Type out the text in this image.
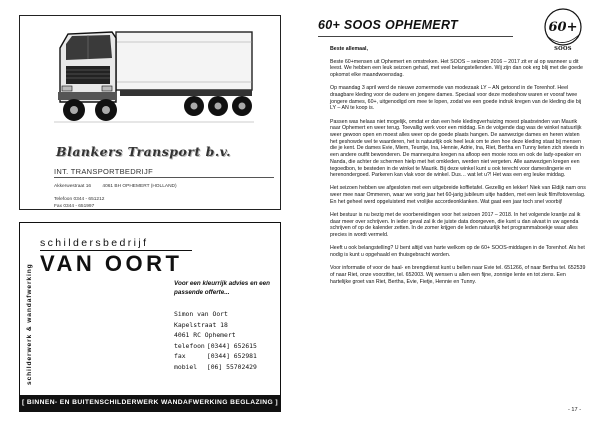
Blankers Transport b.v.
INT. TRANSPORTBEDRIJF
Akkerwestraat 16 4061 BH OPHEMERT (HOLLAND)
Telefoon 0344 - 651212
Fax 0344 - 651997
schilderwerk & wandafwerking
schildersbedrijf
VAN OORT
Voor een kleurrijk advies en een passende offerte...
Simon van Oort
Kapelstraat 18
4061 RC Ophemert
telefoon [0344] 652615
fax	[0344] 652981
mobiel [06] 55702429
[ BINNEN- EN BUITENSCHILDERWERK WANDAFWERKING BEGLAZING ]
60+ SOOS OPHEMERT	60+
SOOS
Beste allemaal,

Beste 60+mensen uit Ophemert en omstreken. Het SOOS – seizoen 2016 – 2017 zit er al op wanneer u dit leest. We hebben een leuk seizoen gehad, met veel belangstellenden. Wij zijn dan ook erg blij met die goede opkomst elke maandwoensdag.

Op maandag 3 april werd de nieuwe zomermode van modezaak LY – AN getoond in de Torenhof. Heel draagbare kleding voor de oudere en jongere dames. Speciaal voor deze modeshow waren er vooraf twee jongere dames, 60+, uitgenodigd om mee te lopen, zodat we een goede indruk kregen van de kleding die bij LY – AN te koop is.

Passen was helaas niet mogelijk, omdat er dan een hele kledingverhuizing moest plaatsvinden van Maurik naar Ophemert en weer terug. Toevallig werk voor een middag. En de volgende dag was de winkel natuurlijk weer gewoon open en moest alles weer op de goede plaats hangen. De aanwezige dames en heren wisten het geshowde wel te waarderen, het is natuurlijk ook heel leuk om te zien hoe deze kleding staat bij mensen die je kent. De dames Evie, Miem, Teuntje, Ina, Hennie, Adrie, Ina, Riet, Bertha en Tunny lieten zich steeds in een andere outfit bewonderen. De mannequins kregen na afloop een mooie roos en ook de lady-speaker en Nanda, die achter de schermen hielp met het omkleden, werden niet vergeten. Alle aanwezigen kregen een tegoedbon, te besteden in de winkel te Maurik. Bij deze winkel kunt u ook terecht voor dameslingerie en herenondergoed. Parkeren kan vlak voor de winkel. Dus… wat let u?! Het was een erg leuke middag.

Het seizoen hebben we afgesloten met een uitgebreide koffietafel. Gezellig en lekker! Niek van Eldijk nam ons weer mee naar Ommeren, waar we vorig jaar het 60-jarig jubileum uitje hadden, met een leuk film/fotoverslag. En het geheel werd opgeluisterd met vrolijke accordeonklanken. Wat gaat een jaar toch snel voorbij!

Het bestuur is nu bezig met de voorbereidingen voor het seizoen 2017 – 2018. In het volgende krantje zal ik daar meer over schrijven. In ieder geval zal ik de juiste data doorgeven, die kunt u dan alvast in uw agenda schrijven of op de kalender zetten. In de zomer krijgen de leden natuurlijk het programmaboekje waar alles precies in wordt vermeld.

Heeft u ook belangstelling? U bent altijd van harte welkom op de 60+ SOOS-middagen in de Torenhof. Als het nodig is kunt u opgehaald en thuisgebracht worden.

Voor informatie of voor de haal- en brengdienst kunt u bellen naar Evie tel. 651266, of naar Bertha tel. 652539 of naar Riet, onze voorzitter, tel. 652003. Wij wensen u allen een fijne, zonnige lente en tot ziens. Een hartelijke groet van Riet, Bertha, Evie, Fietje, Hennie en Tunny.

- 17 -
